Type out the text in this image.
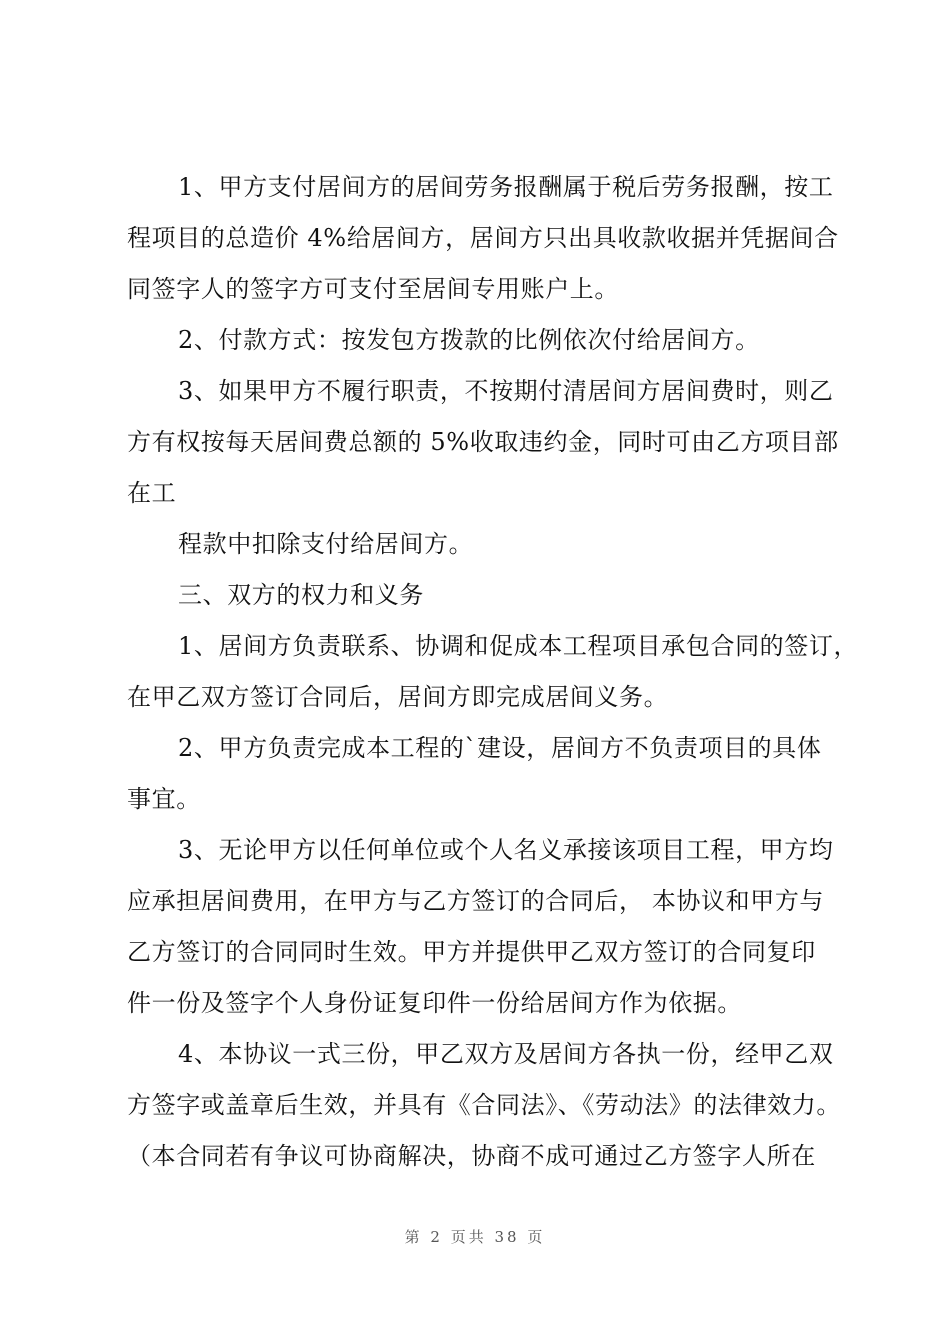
1、甲方支付居间方的居间劳务报酬属于税后劳务报酬，按工
程项目的总造价 4%给居间方，居间方只出具收款收据并凭据间合
同签字人的签字方可支付至居间专用账户上。
2、付款方式：按发包方拨款的比例依次付给居间方。
3、如果甲方不履行职责，不按期付清居间方居间费时，则乙
方有权按每天居间费总额的 5%收取违约金，同时可由乙方项目部
在工
程款中扣除支付给居间方。
三、双方的权力和义务
1、居间方负责联系、协调和促成本工程项目承包合同的签订，
在甲乙双方签订合同后，居间方即完成居间义务。
2、甲方负责完成本工程的`建设，居间方不负责项目的具体
事宜。
3、无论甲方以任何单位或个人名义承接该项目工程，甲方均
应承担居间费用，在甲方与乙方签订的合同后， 本协议和甲方与
乙方签订的合同同时生效。甲方并提供甲乙双方签订的合同复印
件一份及签字个人身份证复印件一份给居间方作为依据。
4、本协议一式三份，甲乙双方及居间方各执一份，经甲乙双
方签字或盖章后生效，并具有《合同法》、《劳动法》的法律效力。
（本合同若有争议可协商解决，协商不成可通过乙方签字人所在
第 2 页共 38 页
